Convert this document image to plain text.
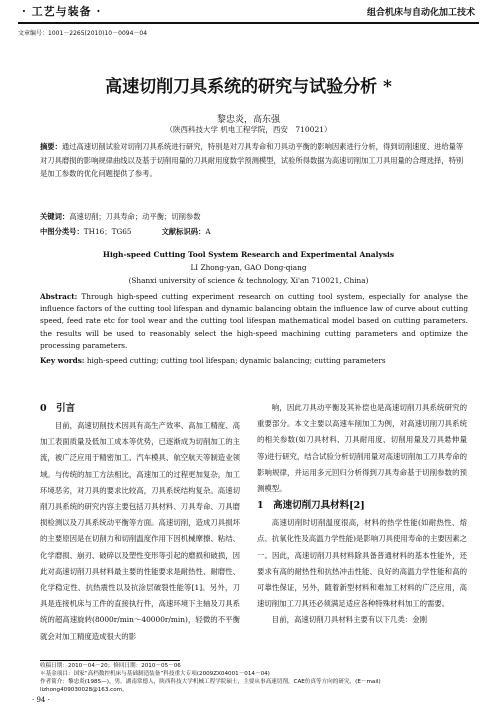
· 工艺与装备 ·	组合机床与自动化加工技术
文章编号：1001－2265(2010)10－0094－04
高速切削刀具系统的研究与试验分析 *
黎忠炎，高东强
（陕西科技大学 机电工程学院，西安　710021）
摘要：通过高速切削试验对切削刀具系统进行研究，特别是对刀具寿命和刀具动平衡的影响因素进行分析，得到切削速度、进给量等对刀具磨损的影响规律曲线以及基于切削用量的刀具耐用度数学预测模型，试验所得数据为高速切削加工刀具用量的合理选择，特别是加工参数的优化问题提供了参考。
关键词：高速切削；刀具寿命；动平衡；切削参数
中图分类号：TH16；TG65	文献标识码：A
High-speed Cutting Tool System Research and Experimental Analysis
LI Zhong-yan, GAO Dong-qiang
(Shanxi university of science & technology, Xi'an 710021, China)
Abstract: Through high-speed cutting experiment research on cutting tool system, especially for analyse the influence factors of the cutting tool lifespan and dynamic balancing obtain the influence law of curve about cutting speed, feed rate etc for tool wear and the cutting tool lifespan mathematical model based on cutting parameters. the results will be used to reasonably select the high-speed machining cutting parameters and optimize the processing parameters.
Key words: high-speed cutting; cutting tool lifespan; dynamic balancing; cutting parameters
0　引言

目前，高速切削技术因具有高生产效率、高加工精度、高加工表面质量及低加工成本等优势，已逐渐成为切削加工的主流，被广泛应用于精密加工、汽车模具、航空航天等制造业领域。与传统的加工方法相比，高速加工的过程更加复杂，加工环境恶劣，对刀具的要求比较高，刀具系统结构复杂。高速切削刀具系统的研究内容主要包括刀具材料、刀具寿命、刀具磨损检测以及刀具系统动平衡等方面。高速切削，造成刀具损坏的主要原因是在切削力和切削温度作用下因机械摩擦、粘结、化学磨损、崩刃、破碎以及塑性变形等引起的磨损和破损，因此对高速切削刀具材料最主要的性能要求是耐热性、耐磨性、化学稳定性、抗热震性以及抗涂层破裂性能等[1]。另外，刀具是连接机床与工件的直接执行件，高速环境下主轴及刀具系统的超高速旋转(8000r/min～40000r/min)，轻微的不平衡就会对加工精度造成很大的影

响，因此刀具动平衡及其补偿也是高速切削刀具系统研究的重要部分。本文主要以高速车削加工为例，对高速切削刀具系统的相关参数(如刀具材料、刀具耐用度、切削用量及刀具悬伸量等)进行研究，结合试验分析切削用量对高速切削加工刀具寿命的影响规律，并运用多元回归分析得到刀具寿命基于切削参数的预测模型。

1　高速切削刀具材料[2]

高速切削时切削温度很高，材料的热学性能(如耐热性、熔点、抗氧化性及高温力学性能)是影响刀具使用寿命的主要因素之一。因此，高速切削刀具材料除具备普通材料的基本性能外，还要求有高的耐热性和抗热冲击性能、良好的高温力学性能和高的可靠性保证，另外，随着新型材料和难加工材料的广泛应用，高速切削加工刀具还必须满足适应各种特殊材料加工的需要。

目前，高速切削刀具材料主要有以下几类：金刚

收稿日期：2010－04－20；修回日期：2010－05－06
＊基金项目：国家“高档数控机床与基础制造装备”科技重大专项(2009ZX04001－014－04)
作者简介：黎忠炎(1985—)，男，湖南常德人，陕西科技大学机械工程学院硕士，主要从事高速切削，CAE仿真等方向的研究，(E－mail) lizhong409030028@163.com。
· 94 ·
